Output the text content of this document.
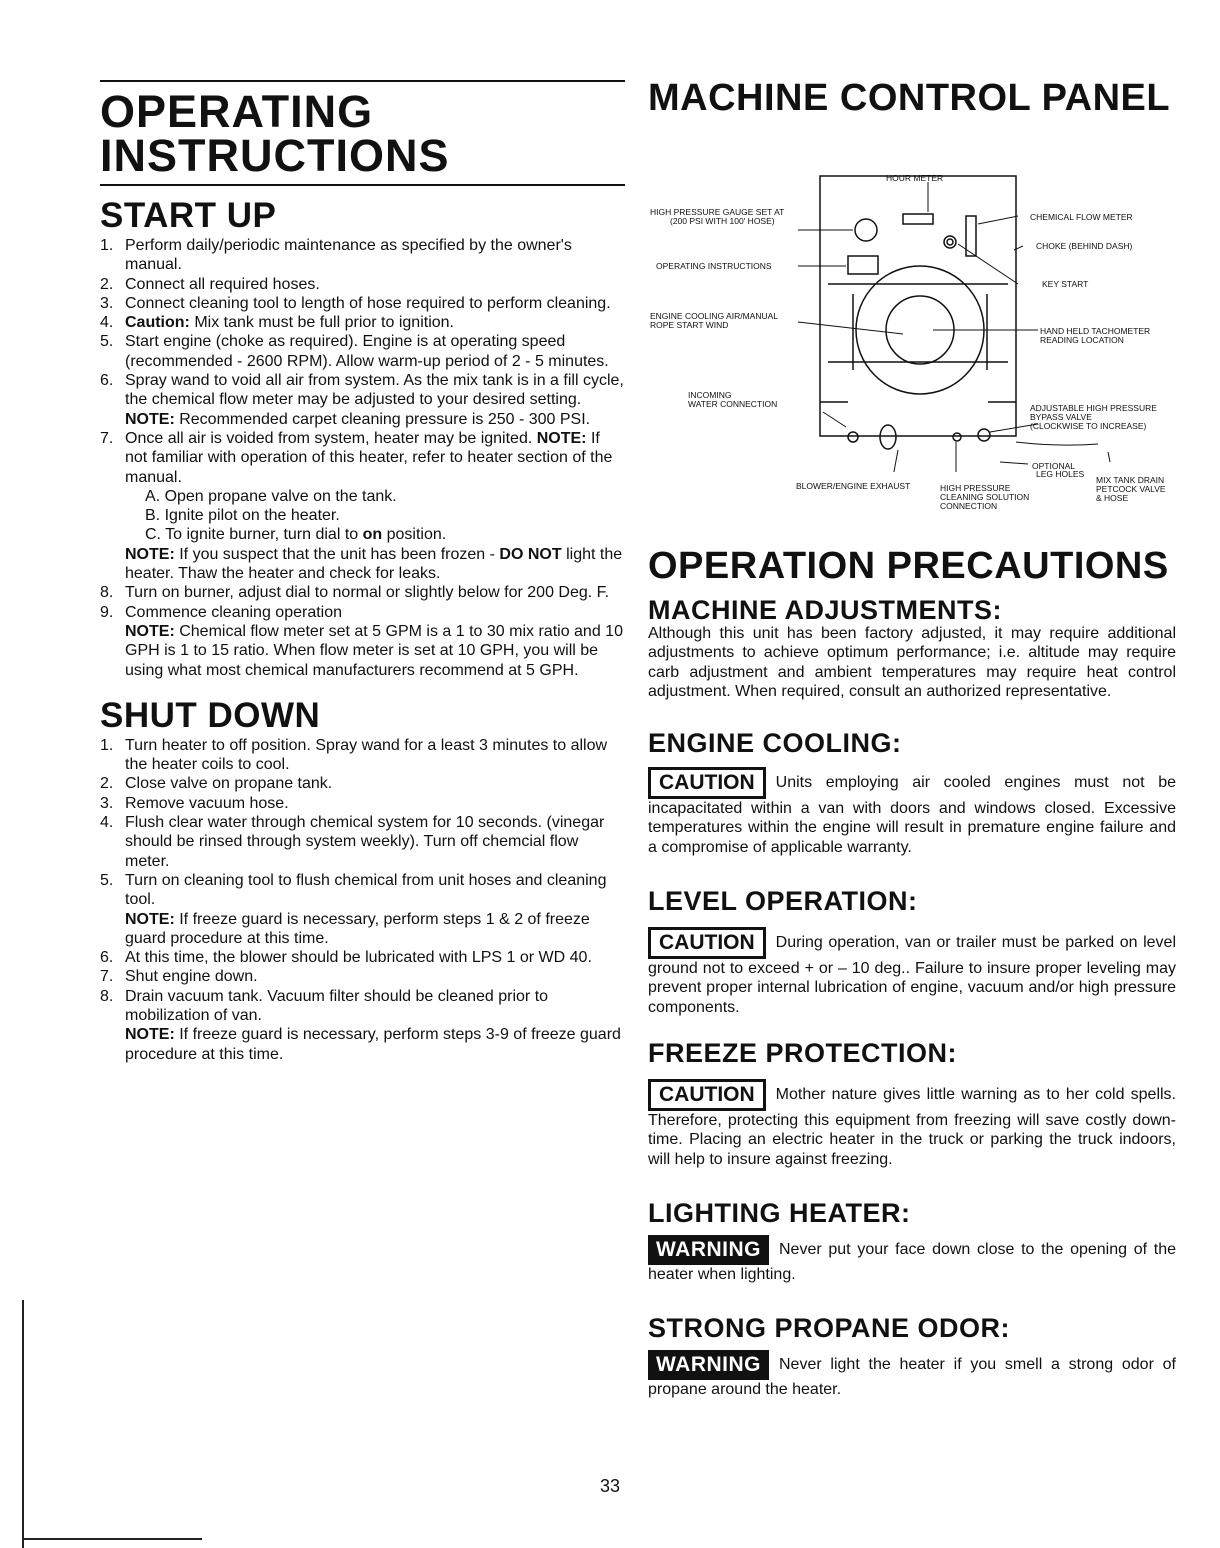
OPERATING
INSTRUCTIONS
START UP
1. Perform daily/periodic maintenance as specified by the owner's manual.
2. Connect all required hoses.
3. Connect cleaning tool to length of hose required to perform cleaning.
4. Caution: Mix tank must be full prior to ignition.
5. Start engine (choke as required). Engine is at operating speed (recommended - 2600 RPM). Allow warm-up period of 2 - 5 minutes.
6. Spray wand to void all air from system. As the mix tank is in a fill cycle, the chemical flow meter may be adjusted to your desired setting. NOTE: Recommended carpet cleaning pressure is 250 - 300 PSI.
7. Once all air is voided from system, heater may be ignited. NOTE: If not familiar with operation of this heater, refer to heater section of the manual.
A. Open propane valve on the tank.
B. Ignite pilot on the heater.
C. To ignite burner, turn dial to on position.
NOTE: If you suspect that the unit has been frozen - DO NOT light the heater. Thaw the heater and check for leaks.
8. Turn on burner, adjust dial to normal or slightly below for 200 Deg. F.
9. Commence cleaning operation
NOTE: Chemical flow meter set at 5 GPM is a 1 to 30 mix ratio and 10 GPH is 1 to 15 ratio. When flow meter is set at 10 GPH, you will be using what most chemical manufacturers recommend at 5 GPH.
SHUT DOWN
1. Turn heater to off position. Spray wand for a least 3 minutes to allow the heater coils to cool.
2. Close valve on propane tank.
3. Remove vacuum hose.
4. Flush clear water through chemical system for 10 seconds. (vinegar should be rinsed through system weekly). Turn off chemcial flow meter.
5. Turn on cleaning tool to flush chemical from unit hoses and cleaning tool.
NOTE: If freeze guard is necessary, perform steps 1 & 2 of freeze guard procedure at this time.
6. At this time, the blower should be lubricated with LPS 1 or WD 40.
7. Shut engine down.
8. Drain vacuum tank. Vacuum filter should be cleaned prior to mobilization of van.
NOTE: If freeze guard is necessary, perform steps 3-9 of freeze guard procedure at this time.
MACHINE CONTROL PANEL
HOUR METER
HIGH PRESSURE GAUGE SET AT
(200 PSI WITH 100' HOSE)	CHEMICAL FLOW METER
CHOKE (BEHIND DASH)
OPERATING INSTRUCTIONS
KEY START
ENGINE COOLING AIR/MANUAL
ROPE START WIND
HAND HELD TACHOMETER
READING LOCATION
INCOMING
WATER CONNECTION	ADJUSTABLE HIGH PRESSURE
BYPASS VALVE
(CLOCKWISE TO INCREASE)
OPTIONAL
LEG HOLES
MIX TANK DRAIN
PETCOCK VALVE
& HOSE
BLOWER/ENGINE EXHAUST	HIGH PRESSURE
CLEANING SOLUTION
CONNECTION
OPERATION PRECAUTIONS
MACHINE ADJUSTMENTS:

Although this unit has been factory adjusted, it may require additional adjustments to achieve optimum performance; i.e. altitude may require carb adjustment and ambient temperatures may require heat control adjustment. When required, consult an authorized representative.

ENGINE COOLING:

CAUTION Units employing air cooled engines must not be incapacitated within a van with doors and windows closed. Excessive temperatures within the engine will result in premature engine failure and a compromise of applicable warranty.

LEVEL OPERATION:

CAUTION During operation, van or trailer must be parked on level ground not to exceed + or – 10 deg.. Failure to insure proper leveling may prevent proper internal lubrication of engine, vacuum and/or high pressure components.

FREEZE PROTECTION:

CAUTION Mother nature gives little warning as to her cold spells. Therefore, protecting this equipment from freezing will save costly down-time. Placing an electric heater in the truck or parking the truck indoors, will help to insure against freezing.

LIGHTING HEATER:

WARNING Never put your face down close to the opening of the heater when lighting.

STRONG PROPANE ODOR:

WARNING Never light the heater if you smell a strong odor of propane around the heater.

33
